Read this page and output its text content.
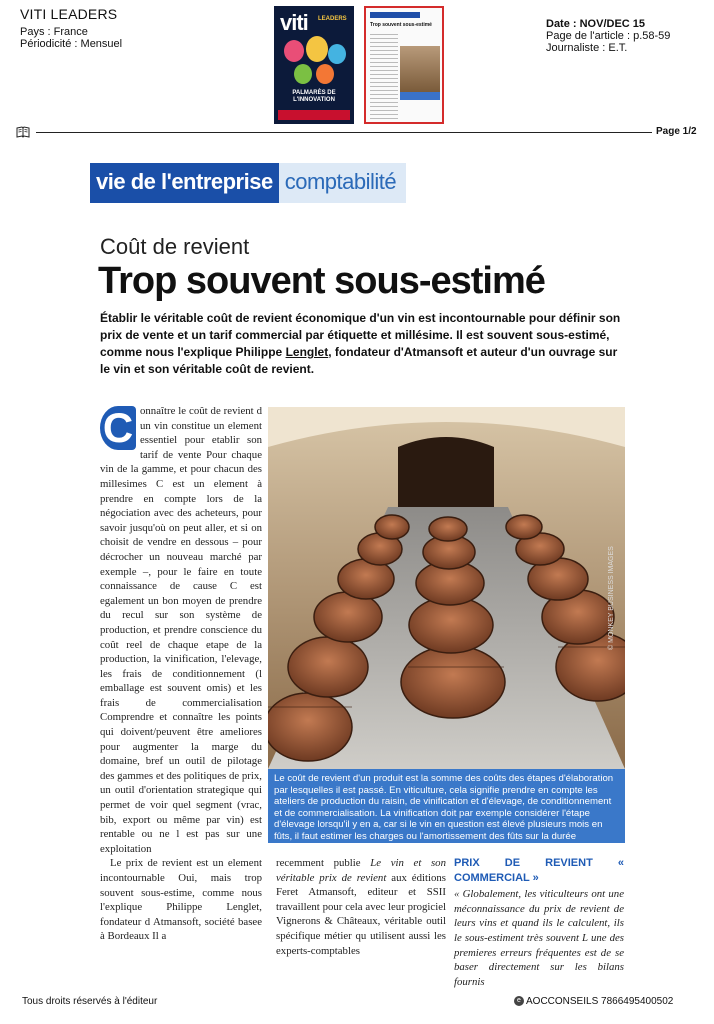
VITI LEADERS
Pays : France
Périodicité : Mensuel
viti LEADERS
PALMARÈS DE L'INNOVATION
Trop souvent sous-estimé	Date : NOV/DEC 15
Page de l'article : p.58-59
Journaliste : E.T.
Page 1/2
vie de l'entreprise comptabilité
Coût de revient
Trop souvent sous-estimé
Établir le véritable coût de revient économique d'un vin est incontournable pour définir son prix de vente et un tarif commercial par étiquette et millésime. Il est souvent sous-estimé, comme nous l'explique Philippe Lenglet, fondateur d'Atmansoft et auteur d'un ouvrage sur le vin et son véritable coût de revient.
C onnaître le coût de revient d un vin constitue un element essentiel pour etablir son tarif de vente Pour chaque vin de la gamme, et pour chacun des millesimes C est un element à prendre en compte lors de la négociation avec des acheteurs, pour savoir jusqu'où on peut aller, et si on choisit de vendre en dessous – pour décrocher un nouveau marché par exemple –, pour le faire en toute connaissance de cause C est egalement un bon moyen de prendre du recul sur son système de production, et prendre conscience du coût reel de chaque etape de la production, la vinification, l'elevage, les frais de conditionnement (l emballage est souvent omis) et les frais de commercialisation Comprendre et connaître les points qui doivent/peuvent être ameliores pour augmenter la marge du domaine, bref un outil de pilotage des gammes et des politiques de prix, un outil d'orientation strategique qui permet de voir quel segment (vrac, bib, export ou même par vin) est rentable ou ne l est pas sur une exploitation
Le prix de revient est un element incontournable Oui, mais trop souvent sous-estime, comme nous l'explique Philippe Lenglet, fondateur d Atmansoft, société basee à Bordeaux Il a
© MONKEY BUSINESS IMAGES
Le coût de revient d'un produit est la somme des coûts des étapes d'élaboration par lesquelles il est passé. En viticulture, cela signifie prendre en compte les ateliers de production du raisin, de vinification et d'élevage, de conditionnement et de commercialisation. La vinification doit par exemple considérer l'étape d'élevage lorsqu'il y en a, car si le vin en question est élevé plusieurs mois en fûts, il faut estimer les charges ou l'amortissement des fûts sur la durée d'élevage.
recemment publie Le vin et son véritable prix de revient aux éditions Feret Atmansoft, editeur et SSII travaillent pour cela avec leur progiciel Vignerons & Châteaux, véritable outil spécifique métier qu utilisent aussi les experts-comptables
PRIX DE REVIENT « COMMERCIAL »
« Globalement, les viticulteurs ont une méconnaissance du prix de revient de leurs vins et quand ils le calculent, ils le sous-estiment très souvent L une des premieres erreurs fréquentes est de se baser directement sur les bilans fournis
Tous droits réservés à l'éditeur	e AOCCONSEILS 7866495400502
